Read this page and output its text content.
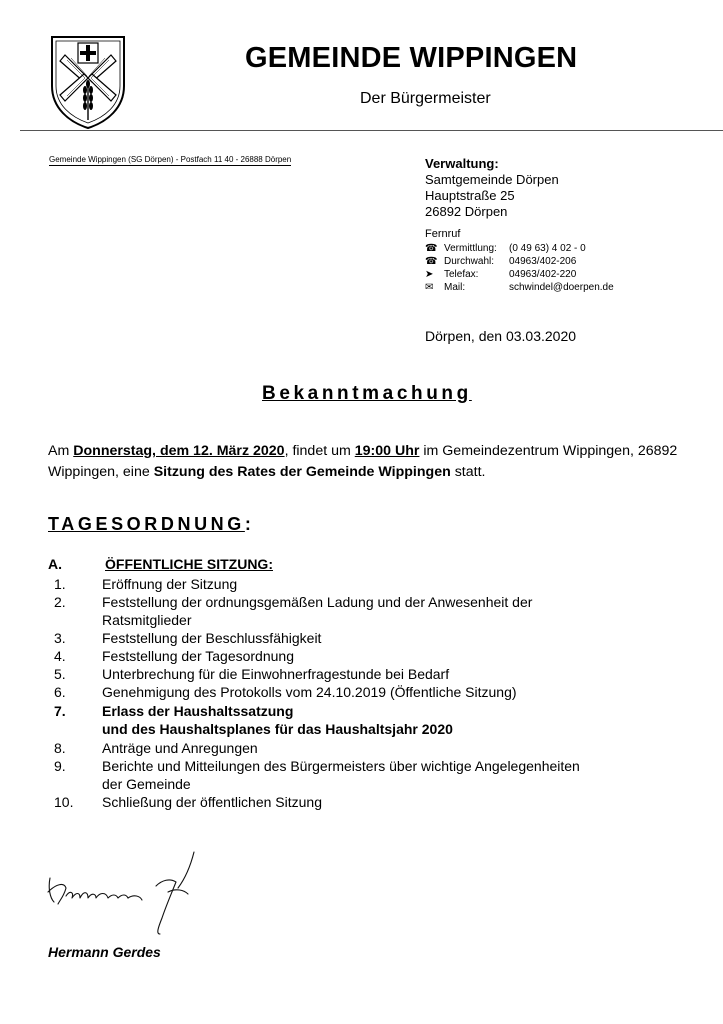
GEMEINDE WIPPINGEN
Der Bürgermeister
Gemeinde Wippingen (SG Dörpen) - Postfach 11 40 - 26888 Dörpen	Verwaltung:
Samtgemeinde Dörpen
Hauptstraße 25
26892 Dörpen
Fernruf
☎ Vermittlung: (0 49 63) 4 02 - 0
☎ Durchwahl: 04963/402-206
➤	Telefax:	04963/402-220
✉	Mail:	schwindel@doerpen.de
Dörpen, den 03.03.2020
Bekanntmachung
Am Donnerstag, dem 12. März 2020, findet um 19:00 Uhr im Gemeindezentrum Wippingen, 26892 Wippingen, eine Sitzung des Rates der Gemeinde Wippingen statt.
TAGESORDNUNG:
A.	ÖFFENTLICHE SITZUNG:
1.	Eröffnung der Sitzung
2.	Feststellung der ordnungsgemäßen Ladung und der Anwesenheit der
Ratsmitglieder
3.	Feststellung der Beschlussfähigkeit
4.	Feststellung der Tagesordnung
5.	Unterbrechung für die Einwohnerfragestunde bei Bedarf
6.	Genehmigung des Protokolls vom 24.10.2019 (Öffentliche Sitzung)
7.	Erlass der Haushaltssatzung
und des Haushaltsplanes für das Haushaltsjahr 2020
8.	Anträge und Anregungen
9.	Berichte und Mitteilungen des Bürgermeisters über wichtige Angelegenheiten
der Gemeinde
10. Schließung der öffentlichen Sitzung
Hermann Gerdes
